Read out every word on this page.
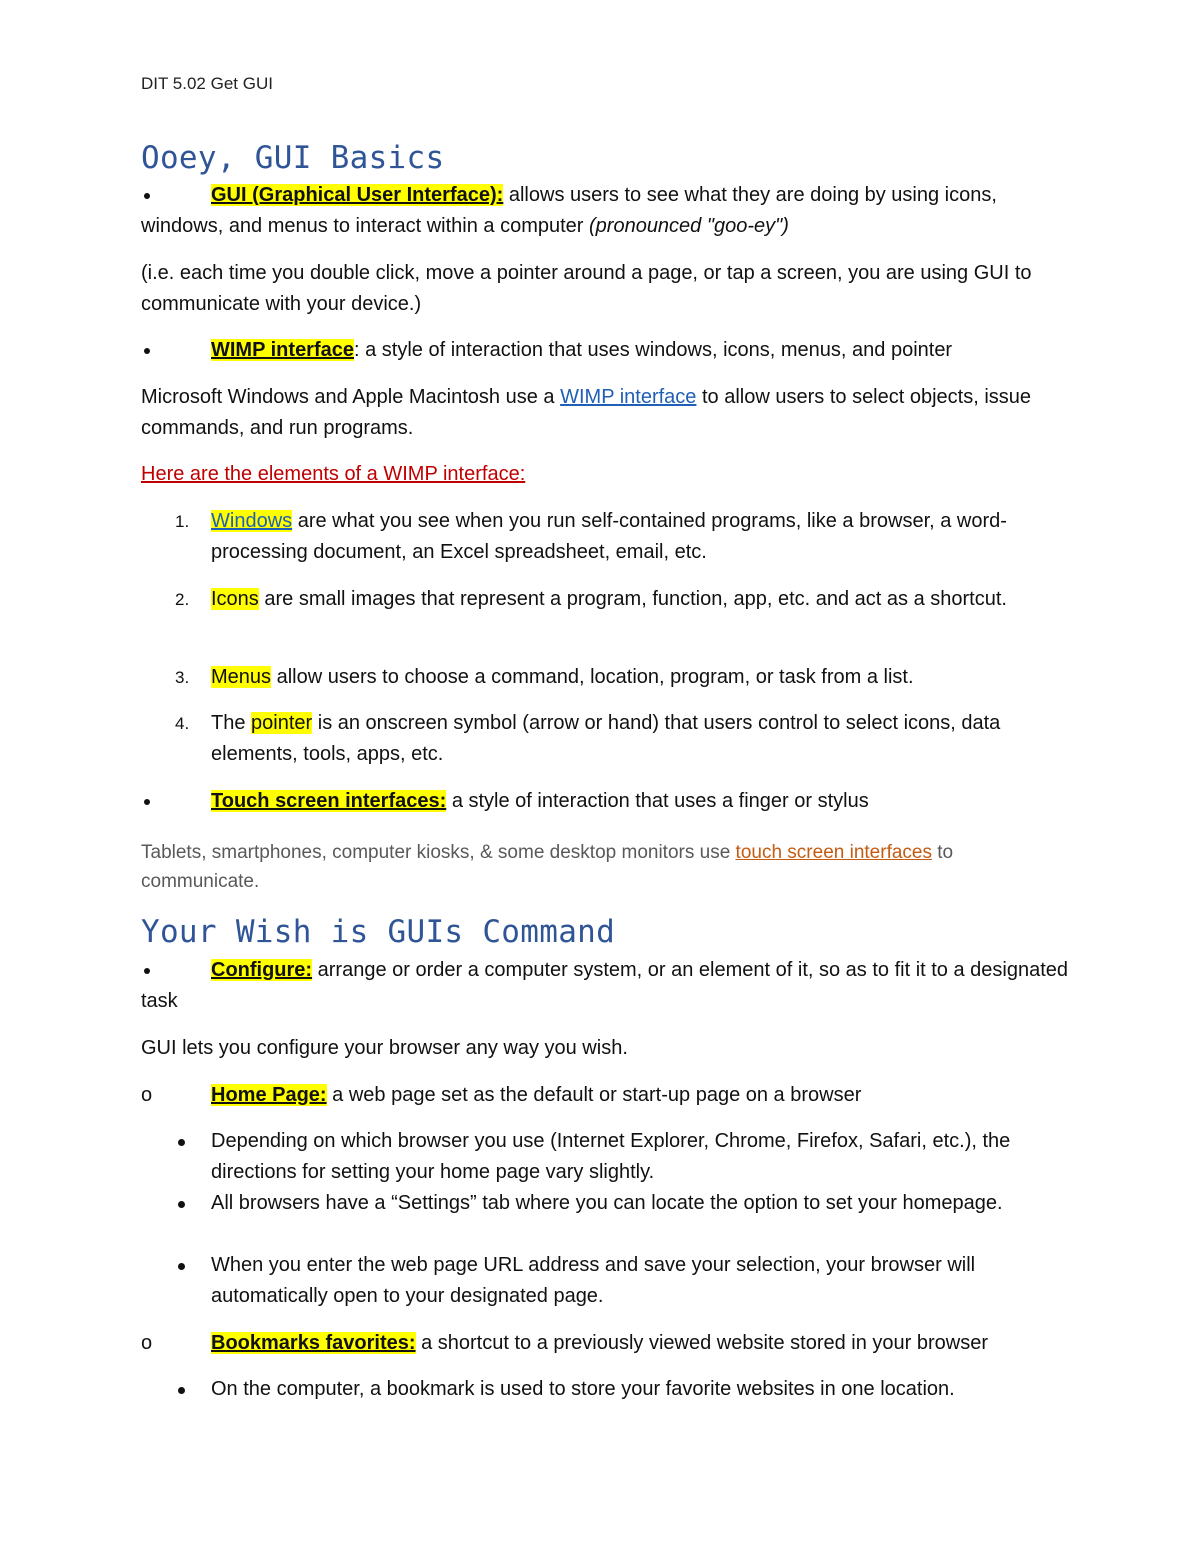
DIT 5.02 Get GUI
Ooey, GUI Basics
GUI (Graphical User Interface): allows users to see what they are doing by using icons, windows, and menus to interact within a computer (pronounced "goo-ey")

(i.e. each time you double click, move a pointer around a page, or tap a screen, you are using GUI to communicate with your device.)

WIMP interface: a style of interaction that uses windows, icons, menus, and pointer

Microsoft Windows and Apple Macintosh use a WIMP interface to allow users to select objects, issue commands, and run programs.

Here are the elements of a WIMP interface:

1. Windows are what you see when you run self-contained programs, like a browser, a word-processing document, an Excel spreadsheet, email, etc.
2. Icons are small images that represent a program, function, app, etc. and act as a shortcut.
3. Menus allow users to choose a command, location, program, or task from a list.
4. The pointer is an onscreen symbol (arrow or hand) that users control to select icons, data elements, tools, apps, etc.
Touch screen interfaces: a style of interaction that uses a finger or stylus

Tablets, smartphones, computer kiosks, & some desktop monitors use touch screen interfaces to communicate.

Your Wish is GUIs Command
Configure: arrange or order a computer system, or an element of it, so as to fit it to a designated task

GUI lets you configure your browser any way you wish.

o	Home Page: a web page set as the default or start-up page on a browser
Depending on which browser you use (Internet Explorer, Chrome, Firefox, Safari, etc.), the directions for setting your home page vary slightly.
All browsers have a “Settings” tab where you can locate the option to set your homepage.
When you enter the web page URL address and save your selection, your browser will automatically open to your designated page.
o	Bookmarks favorites: a shortcut to a previously viewed website stored in your browser
On the computer, a bookmark is used to store your favorite websites in one location.
